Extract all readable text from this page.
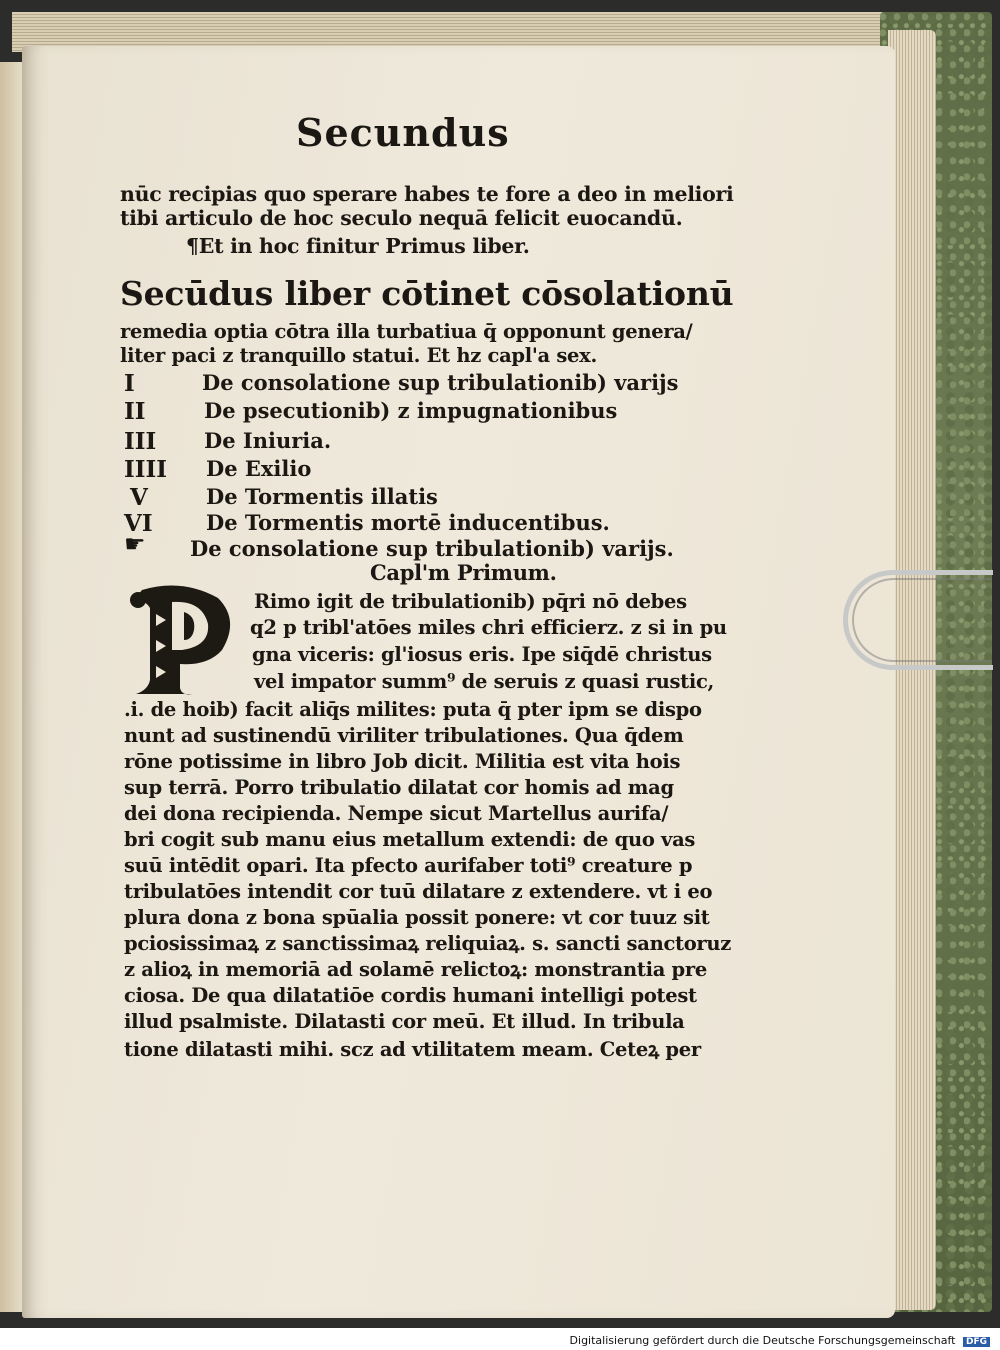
Secundus
nūc recipias quo sperare habes te fore a deo in meliori
tibi articulo de hoc seculo nequā felicit euocandū.
¶Et in hoc finitur Primus liber.
Secūdus liber cōtinet cōsolationū
remedia optia cōtra illa turbatiua q̄ opponunt genera/
liter paci z tranquillo statui. Et hz capl'a sex.
I	De consolatione sup tribulationib) varijs
II	De psecutionib) z impugnationibus
III De Iniuria.
IIII De Exilio
V	De Tormentis illatis
VI	De Tormentis mortē inducentibus.
☛ De consolatione sup tribulationib) varijs.
Capl'm Primum.
Rimo igit de tribulationib) pq̄ri nō debes
q2 p tribl'atōes miles chri efficierz. z si in pu
gna viceris: gl'iosus eris. Ipe siq̄dē christus
vel impator summ⁹ de seruis z quasi rustic,
.i. de hoib) facit aliq̄s milites: puta q̄ pter ipm se dispo
nunt ad sustinendū viriliter tribulationes. Qua q̄dem
rōne potissime in libro Job dicit. Militia est vita hois
sup terrā. Porro tribulatio dilatat cor homis ad mag
dei dona recipienda. Nempe sicut Martellus aurifa/
bri cogit sub manu eius metallum extendi: de quo vas
suū intēdit opari. Ita pfecto aurifaber toti⁹ creature p
tribulatōes intendit cor tuū dilatare z extendere. vt i eo
plura dona z bona spūalia possit ponere: vt cor tuuz sit
pciosissimaꝝ z sanctissimaꝝ reliquiaꝝ. s. sancti sanctoruz
z alioꝝ in memoriā ad solamē relictoꝝ: monstrantia pre
ciosa. De qua dilatatiōe cordis humani intelligi potest
illud psalmiste. Dilatasti cor meū. Et illud. In tribula
tione dilatasti mihi. scz ad vtilitatem meam. Ceteꝝ per
Digitalisierung gefördert durch die Deutsche Forschungsgemeinschaft DFG
